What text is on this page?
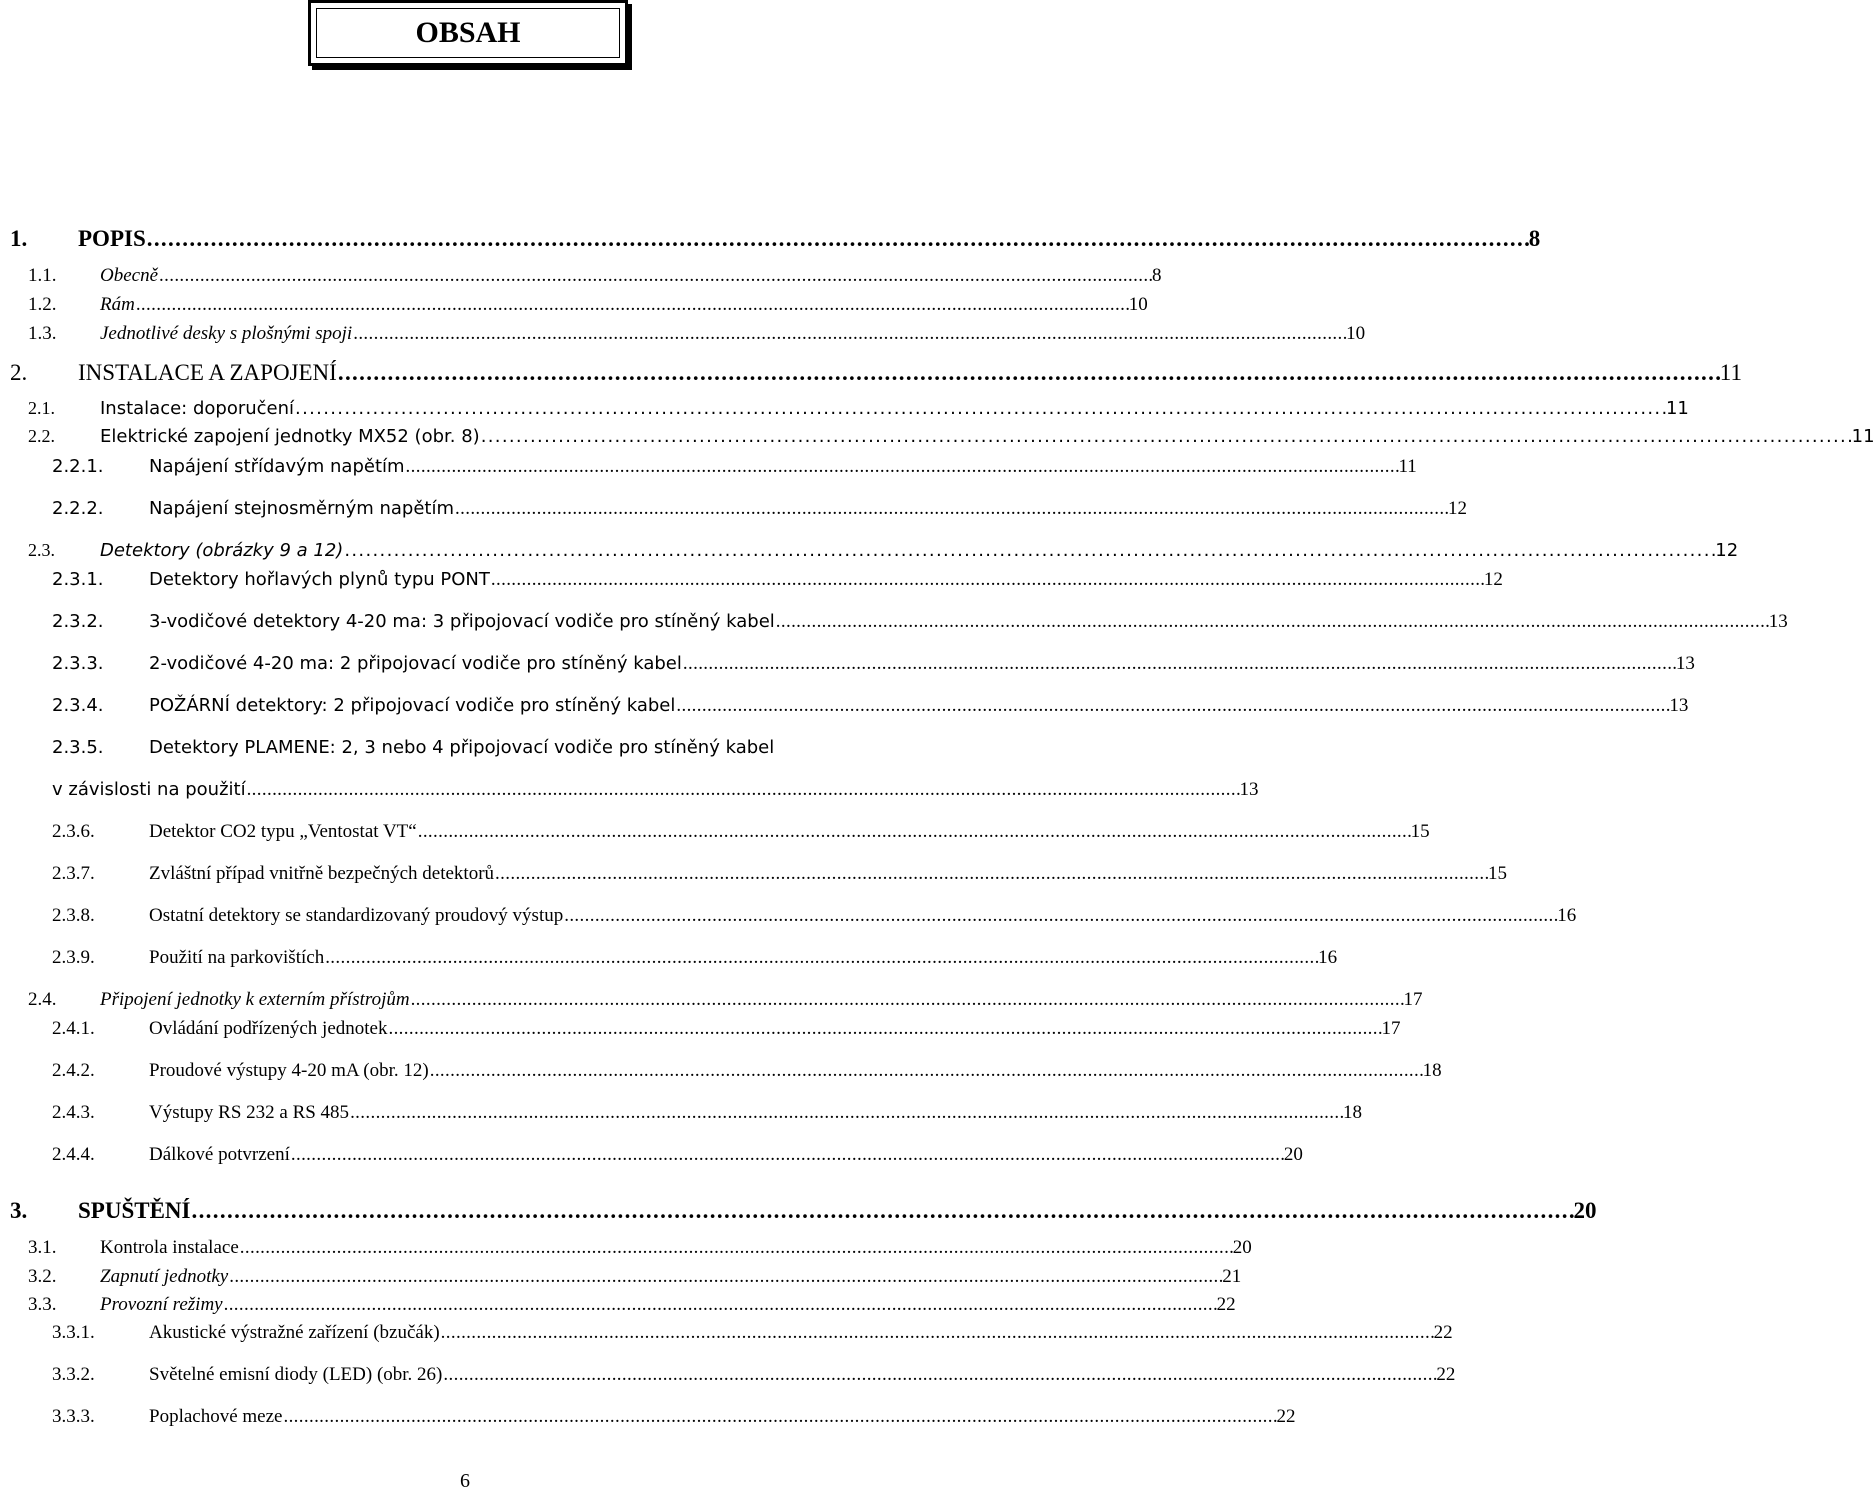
OBSAH
1.	POPIS . . .	8
1.1.	Obecně . . .	8
1.2.	Rám . . .	10
1.3.	Jednotlivé desky s plošnými spoji . . .	10
2.	INSTALACE A ZAPOJENÍ . . .	11
2.1.	Instalace: doporučení . . .	11
2.2.	Elektrické zapojení jednotky MX52 (obr. 8) . . .	11
2.2.1.	Napájení střídavým napětím . . .	11
2.2.2.	Napájení stejnosměrným napětím . . .	12
2.3.	Detektory (obrázky 9 a 12) . . .	12
2.3.1.	Detektory hořlavých plynů typu PONT . . .	12
2.3.2.	3-vodičové detektory 4-20 ma: 3 připojovací vodiče pro stíněný kabel . . .	13
2.3.3.	2-vodičové 4-20 ma: 2 připojovací vodiče pro stíněný kabel . . .	13
2.3.4.	POŽÁRNÍ detektory: 2 připojovací vodiče pro stíněný kabel . . .	13
2.3.5.	Detektory PLAMENE: 2, 3 nebo 4 připojovací vodiče pro stíněný kabel
v závislosti na použití . . .	13
2.3.6.	Detektor CO2 typu „Ventostat VT“ . . .	15
2.3.7.	Zvláštní případ vnitřně bezpečných detektorů . . .	15
2.3.8.	Ostatní detektory se standardizovaný proudový výstup . . .	16
2.3.9.	Použití na parkovištích . . .	16
2.4.	Připojení jednotky k externím přístrojům . . .	17
2.4.1.	Ovládání podřízených jednotek . . .	17
2.4.2.	Proudové výstupy 4-20 mA (obr. 12) . . .	18
2.4.3.	Výstupy RS 232 a RS 485 . . .	18
2.4.4.	Dálkové potvrzení . . .	20
3.	SPUŠTĚNÍ . . .	20
3.1.	Kontrola instalace . . .	20
3.2.	Zapnutí jednotky . . .	21
3.3.	Provozní režimy . . .	22
3.3.1.	Akustické výstražné zařízení (bzučák) . . .	22
3.3.2.	Světelné emisní diody (LED) (obr. 26) . . .	22
3.3.3.	Poplachové meze . . .	22
6
